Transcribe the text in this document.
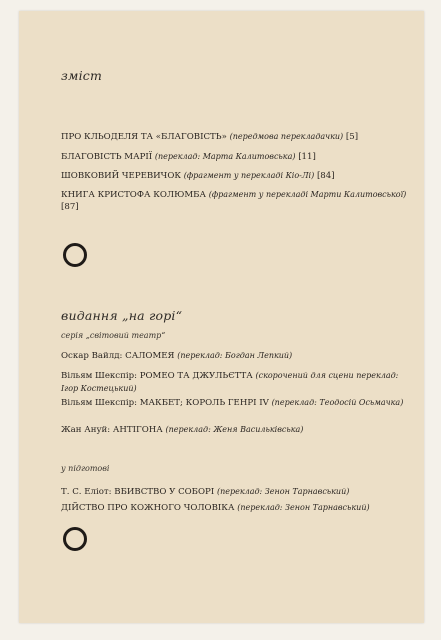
зміст
ПРО КЛЬОДЕЛЯ ТА «БЛАГОВІСТЬ» (передмова перекладачки) [5]
БЛАГОВІСТЬ МАРІЇ (переклад: Марта Калитовська) [11]
ШОВКОВИЙ ЧЕРЕВИЧОК (фрагмент у перекладі Кіо-Лі) [84]
КНИГА КРИСТОФА КОЛЮМБА (фрагмент у перекладі Марти Калитовської) [87]
видання „на горі“
серія „світовий театр“
Оскар Вайлд: САЛОМЕЯ (переклад: Богдан Лепкий)
Вільям Шекспір: РОМЕО ТА ДЖУЛЬЄТТА (скорочений для сцени переклад: Ігор Костецький)
Вільям Шекспір: МАКБЕТ; КОРОЛЬ ГЕНРІ IV (переклад: Теодосій Осьмачка)
Жан Ануй: АНТІГОНА (переклад: Женя Васильківська)
у підготові
Т. С. Еліот: ВБИВСТВО У СОБОРІ (переклад: Зенон Тарнавський)
ДІЙСТВО ПРО КОЖНОГО ЧОЛОВІКА (переклад: Зенон Тарнавський)
